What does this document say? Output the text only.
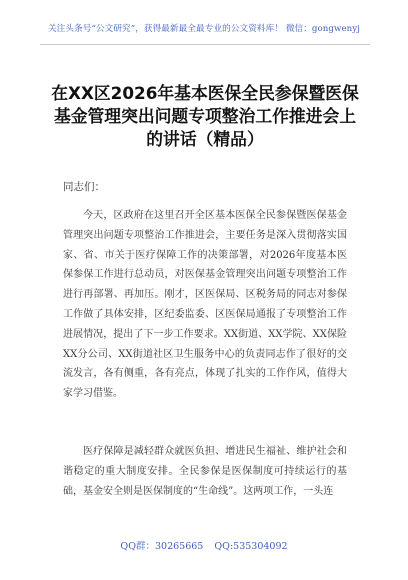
关注头条号“公文研究”，获得最新最全最专业的公文资料库！ 微信：gongwenyj
在XX区2026年基本医保全民参保暨医保基金管理突出问题专项整治工作推进会上的讲话（精品）
同志们：
今天，区政府在这里召开全区基本医保全民参保暨医保基金管理突出问题专项整治工作推进会，主要任务是深入贯彻落实国家、省、市关于医疗保障工作的决策部署，对2026年度基本医保参保工作进行总动员，对医保基金管理突出问题专项整治工作进行再部署、再加压。刚才，区医保局、区税务局的同志对参保工作做了具体安排，区纪委监委、区医保局通报了专项整治工作进展情况，提出了下一步工作要求。XX街道、XX学院、XX保险XX分公司、XX街道社区卫生服务中心的负责同志作了很好的交流发言，各有侧重，各有亮点，体现了扎实的工作作风，值得大家学习借鉴。
医疗保障是减轻群众就医负担、增进民生福祉、维护社会和谐稳定的重大制度安排。全民参保是医保制度可持续运行的基础，基金安全则是医保制度的“生命线”。这两项工作，一头连
QQ群：30265665 QQ:535304092
